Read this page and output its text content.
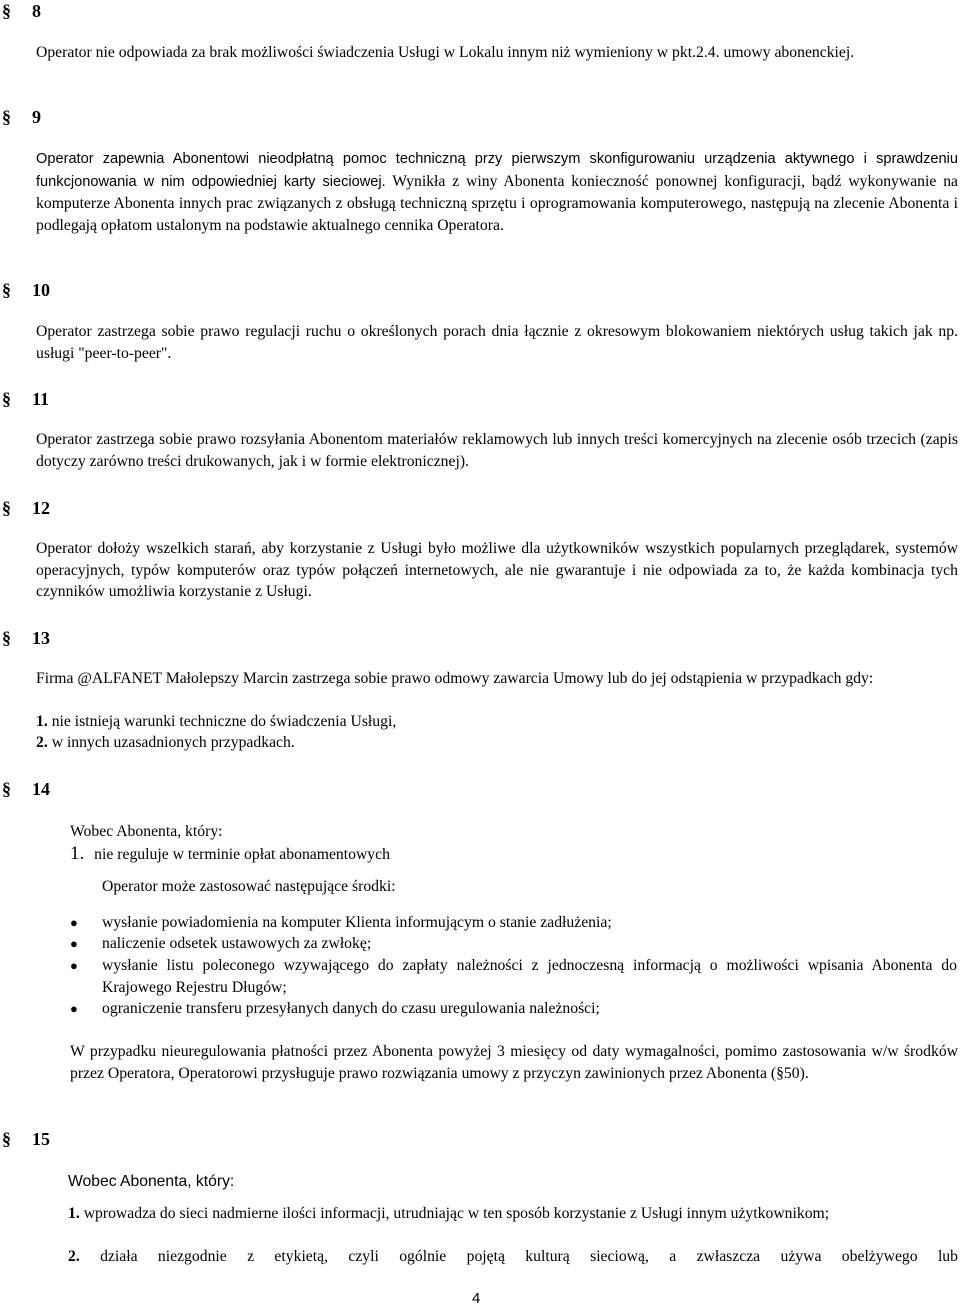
§ 8
Operator nie odpowiada za brak możliwości świadczenia Usługi w Lokalu innym niż wymieniony w pkt.2.4. umowy abonenckiej.
§ 9
Operator zapewnia Abonentowi nieodpłatną pomoc techniczną przy pierwszym skonfigurowaniu urządzenia aktywnego i sprawdzeniu funkcjonowania w nim odpowiedniej karty sieciowej. Wynikła z winy Abonenta konieczność ponownej konfiguracji, bądź wykonywanie na komputerze Abonenta innych prac związanych z obsługą techniczną sprzętu i oprogramowania komputerowego, następują na zlecenie Abonenta i podlegają opłatom ustalonym na podstawie aktualnego cennika Operatora.
§ 10
Operator zastrzega sobie prawo regulacji ruchu o określonych porach dnia łącznie z okresowym blokowaniem niektórych usług takich jak np. usługi "peer-to-peer".
§ 11
Operator zastrzega sobie prawo rozsyłania Abonentom materiałów reklamowych lub innych treści komercyjnych na zlecenie osób trzecich (zapis dotyczy zarówno treści drukowanych, jak i w formie elektronicznej).
§ 12
Operator dołoży wszelkich starań, aby korzystanie z Usługi było możliwe dla użytkowników wszystkich popularnych przeglądarek, systemów operacyjnych, typów komputerów oraz typów połączeń internetowych, ale nie gwarantuje i nie odpowiada za to, że każda kombinacja tych czynników umożliwia korzystanie z Usługi.
§ 13
Firma @ALFANET Małolepszy Marcin zastrzega sobie prawo odmowy zawarcia Umowy lub do jej odstąpienia w przypadkach gdy:
1. nie istnieją warunki techniczne do świadczenia Usługi,
2. w innych uzasadnionych przypadkach.
§ 14
Wobec Abonenta, który:
1. nie reguluje w terminie opłat abonamentowych
Operator może zastosować następujące środki:
● wysłanie powiadomienia na komputer Klienta informującym o stanie zadłużenia;
● naliczenie odsetek ustawowych za zwłokę;
● wysłanie listu poleconego wzywającego do zapłaty należności z jednoczesną informacją o możliwości wpisania Abonenta do Krajowego Rejestru Długów;
● ograniczenie transferu przesyłanych danych do czasu uregulowania należności;
W przypadku nieuregulowania płatności przez Abonenta powyżej 3 miesięcy od daty wymagalności, pomimo zastosowania w/w środków przez Operatora, Operatorowi przysługuje prawo rozwiązania umowy z przyczyn zawinionych przez Abonenta (§50).
§ 15
Wobec Abonenta, który:
1. wprowadza do sieci nadmierne ilości informacji, utrudniając w ten sposób korzystanie z Usługi innym użytkownikom;
2. działa niezgodnie z etykietą, czyli ogólnie pojętą kulturą sieciową, a zwłaszcza używa obelżywego lub
4
